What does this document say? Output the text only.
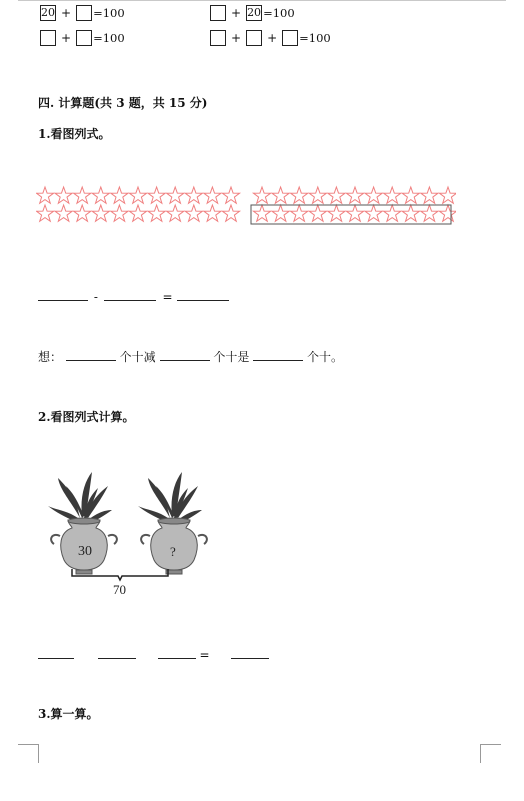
20 + =100	+ 20 =100
+ =100	+ + =100
四. 计算题(共 3 题，共 15 分)
1.看图列式。
-	=
想：	个十减	个十是	个十。
2.看图列式计算。
30	?
70
=
3.算一算。
